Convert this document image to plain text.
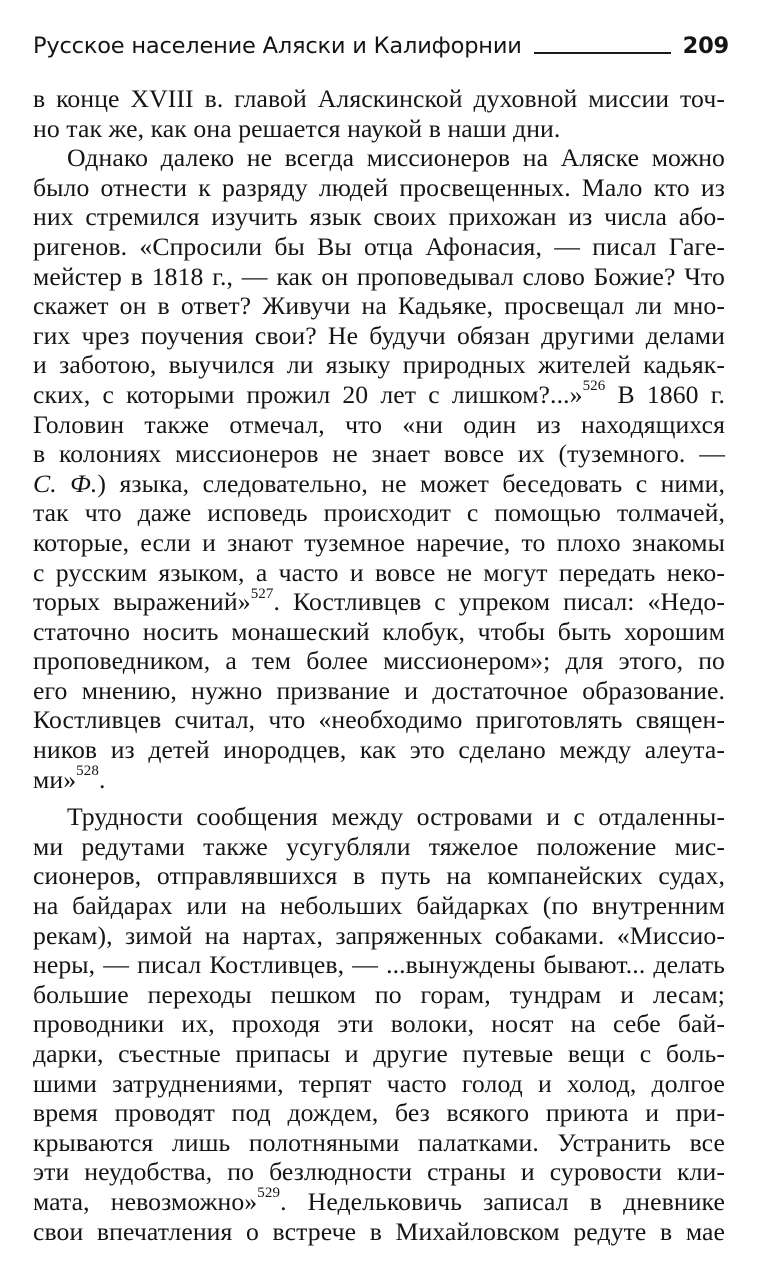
Русское население Аляски и Калифорнии	209
в конце XVIII в. главой Аляскинской духовной миссии точ-
но так же, как она решается наукой в наши дни.
Однако далеко не всегда миссионеров на Аляске можно
было отнести к разряду людей просвещенных. Мало кто из
них стремился изучить язык своих прихожан из числа або-
ригенов. «Спросили бы Вы отца Афонасия, — писал Гаге-
мейстер в 1818 г., — как он проповедывал слово Божие? Что
скажет он в ответ? Живучи на Кадьяке, просвещал ли мно-
гих чрез поучения свои? Не будучи обязан другими делами
и заботою, выучился ли языку природных жителей кадьяк-
ских, с которыми прожил 20 лет с лишком?...»$^{526}$ В 1860 г.
Головин также отмечал, что «ни один из находящихся
в колониях миссионеров не знает вовсе их (туземного. —
С. Ф.) языка, следовательно, не может беседовать с ними,
так что даже исповедь происходит с помощью толмачей,
которые, если и знают туземное наречие, то плохо знакомы
с русским языком, а часто и вовсе не могут передать неко-
торых выражений»$^{527}$. Костливцев с упреком писал: «Недо-
статочно носить монашеский клобук, чтобы быть хорошим
проповедником, а тем более миссионером»; для этого, по
его мнению, нужно призвание и достаточное образование.
Костливцев считал, что «необходимо приготовлять священ-
ников из детей инородцев, как это сделано между алеута-
ми»$^{528}$.
Трудности сообщения между островами и с отдаленны-
ми редутами также усугубляли тяжелое положение мис-
сионеров, отправлявшихся в путь на компанейских судах,
на байдарах или на небольших байдарках (по внутренним
рекам), зимой на нартах, запряженных собаками. «Миссио-
неры, — писал Костливцев, — ...вынуждены бывают... делать
большие переходы пешком по горам, тундрам и лесам;
проводники их, проходя эти волоки, носят на себе бай-
дарки, съестные припасы и другие путевые вещи с боль-
шими затруднениями, терпят часто голод и холод, долгое
время проводят под дождем, без всякого приюта и при-
крываются лишь полотняными палатками. Устранить все
эти неудобства, по безлюдности страны и суровости кли-
мата, невозможно»$^{529}$. Недельковичь записал в дневнике
свои впечатления о встрече в Михайловском редуте в мае
